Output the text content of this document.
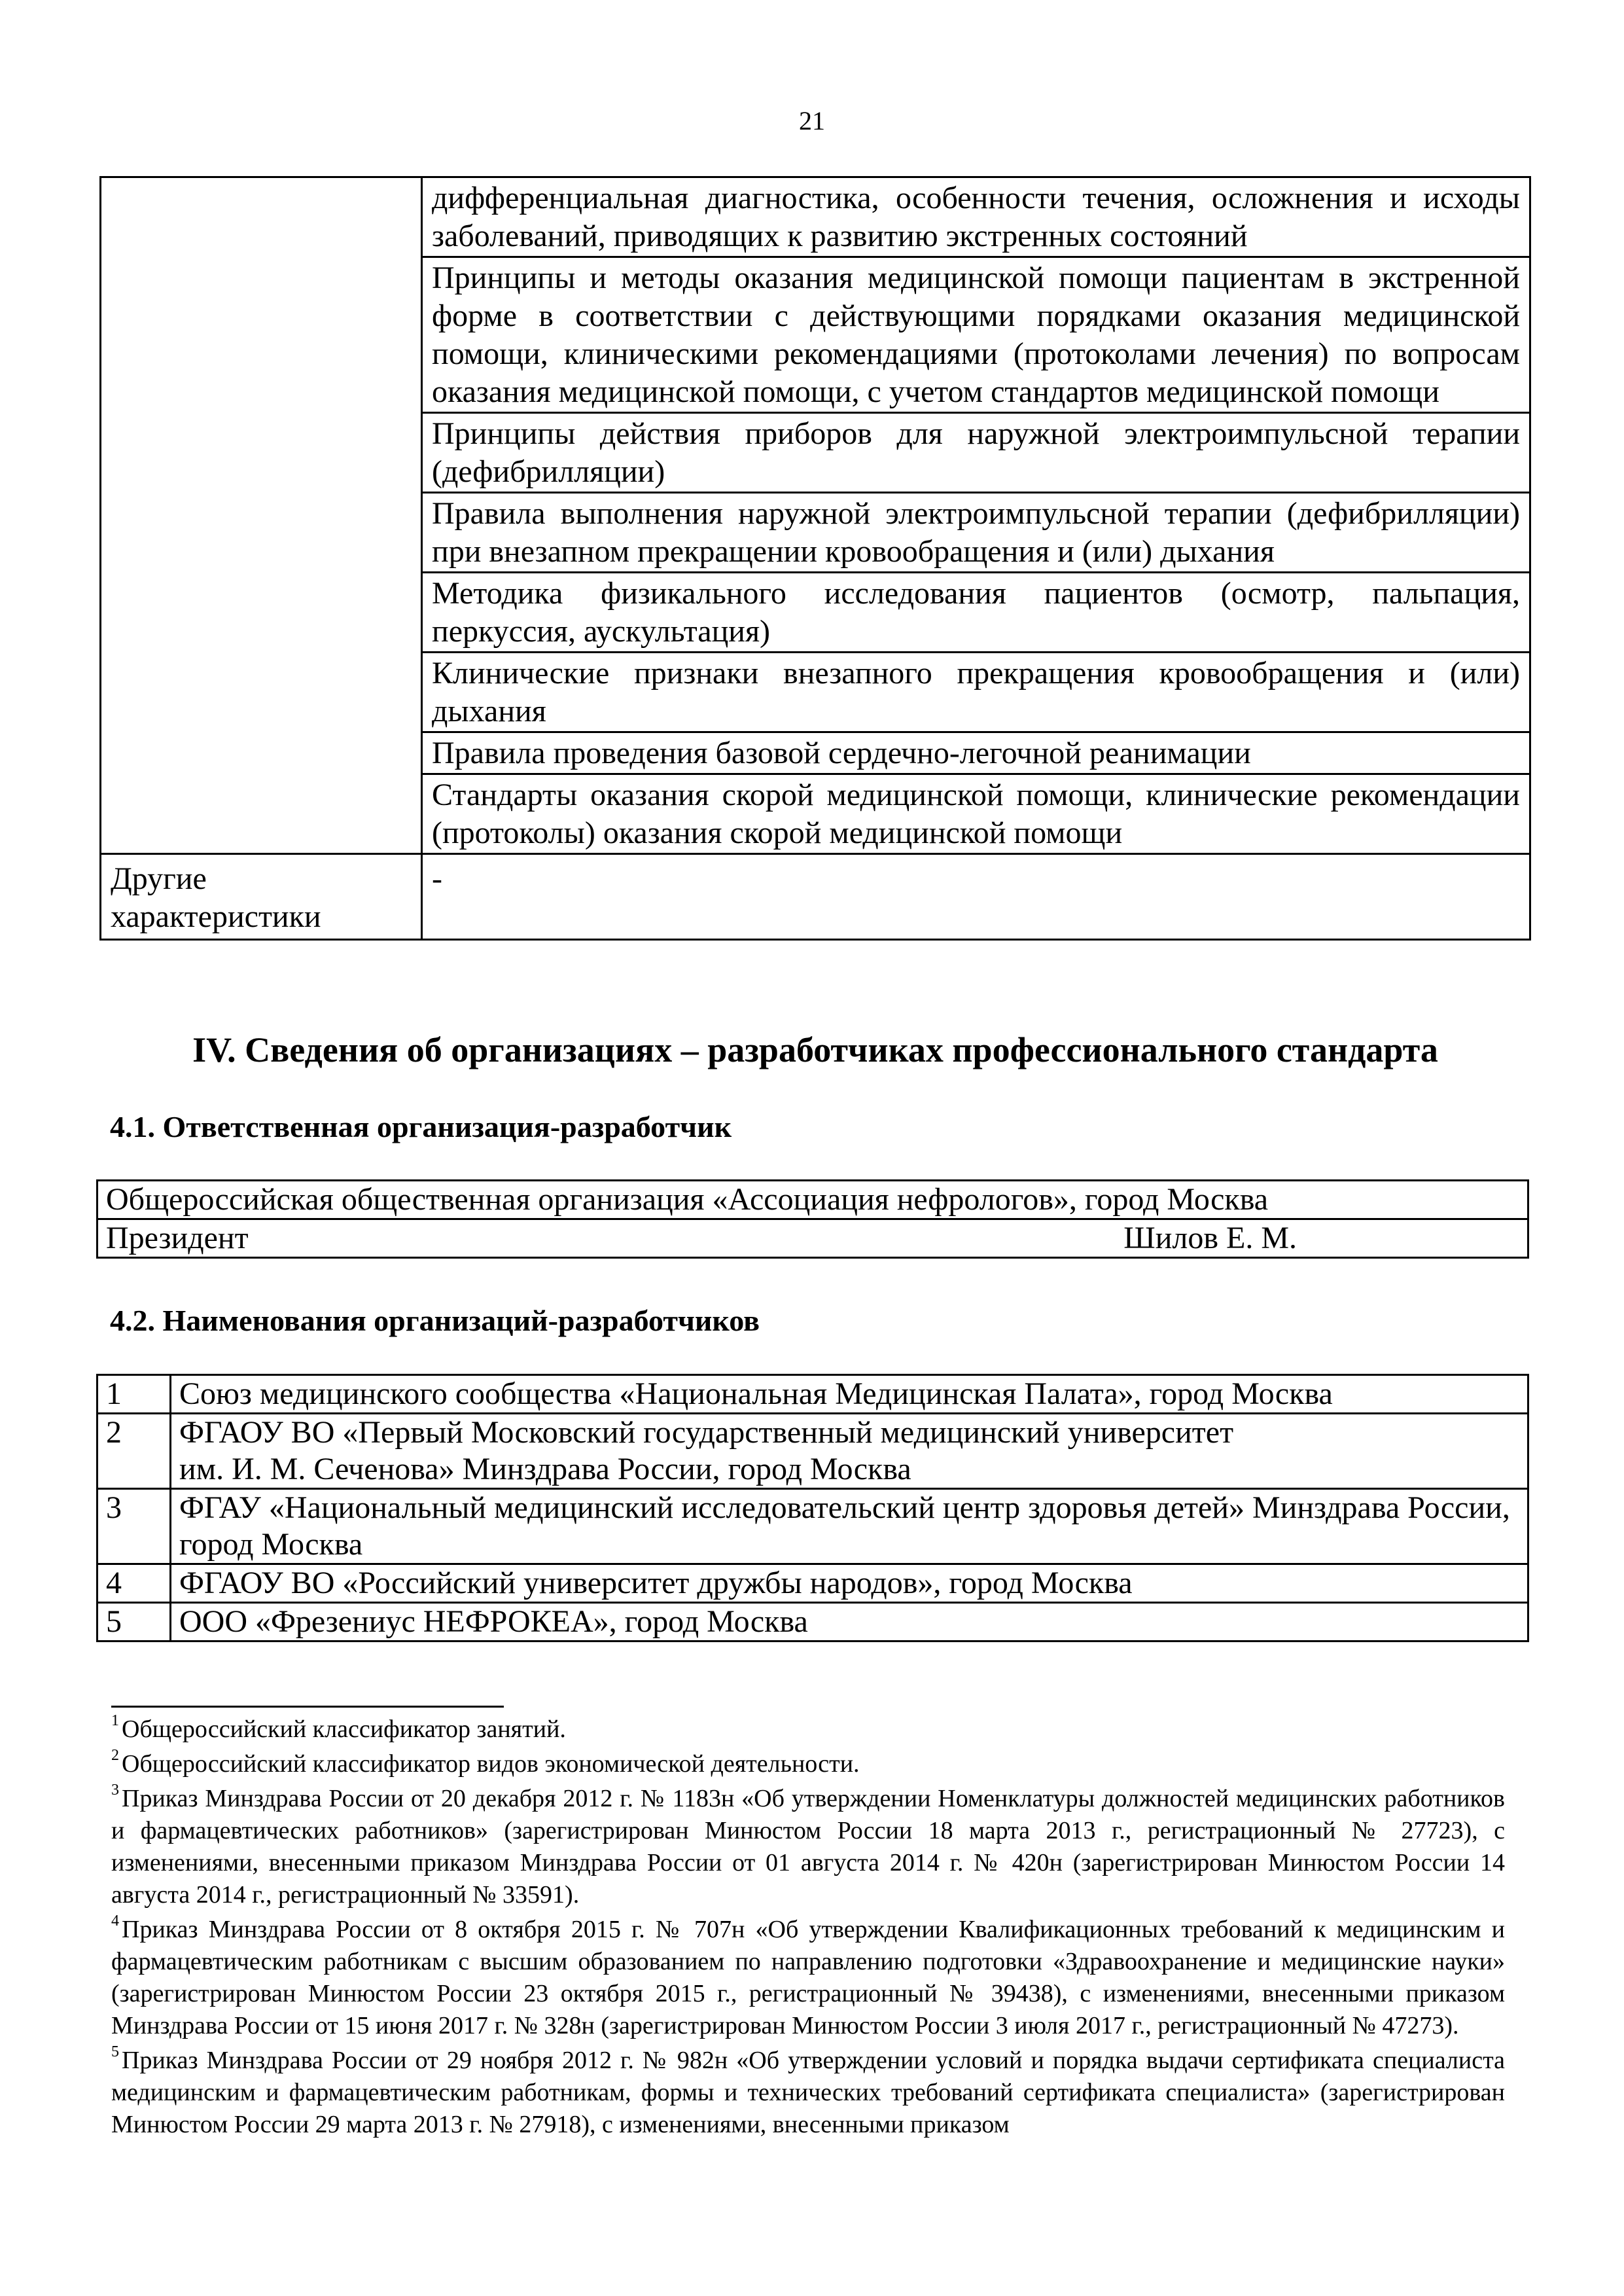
21
	дифференциальная диагностика, особенности течения, осложнения и исходы заболеваний, приводящих к развитию экстренных состояний
	Принципы и методы оказания медицинской помощи пациентам в экстренной форме в соответствии с действующими порядками оказания медицинской помощи, клиническими рекомендациями (протоколами лечения) по вопросам оказания медицинской помощи, с учетом стандартов медицинской помощи
	Принципы действия приборов для наружной электроимпульсной терапии (дефибрилляции)
	Правила выполнения наружной электроимпульсной терапии (дефибрилляции) при внезапном прекращении кровообращения и (или) дыхания
	Методика физикального исследования пациентов (осмотр, пальпация, перкуссия, аускультация)
	Клинические признаки внезапного прекращения кровообращения и (или) дыхания
	Правила проведения базовой сердечно-легочной реанимации
	Стандарты оказания скорой медицинской помощи, клинические рекомендации (протоколы) оказания скорой медицинской помощи
Другие характеристики	-
IV. Сведения об организациях – разработчиках профессионального стандарта
4.1. Ответственная организация-разработчик
Общероссийская общественная организация «Ассоциация нефрологов», город Москва

Президент	Шилов Е. М.
4.2. Наименования организаций-разработчиков
1	Союз медицинского сообщества «Национальная Медицинская Палата», город Москва
2	ФГАОУ ВО «Первый Московский государственный медицинский университет
им. И. М. Сеченова» Минздрава России, город Москва

3	ФГАУ «Национальный медицинский исследовательский центр здоровья детей» Минздрава России, город Москва
4	ФГАОУ ВО «Российский университет дружбы народов», город Москва
5	ООО «Фрезениус НЕФРОКЕА», город Москва

$^1$ Общероссийский классификатор занятий.

$^2$ Общероссийский классификатор видов экономической деятельности.

$^3$ Приказ Минздрава России от 20 декабря 2012 г. № 1183н «Об утверждении Номенклатуры должностей медицинских работников и фармацевтических работников» (зарегистрирован Минюстом России 18 марта 2013 г., регистрационный № 27723), с изменениями, внесенными приказом Минздрава России от 01 августа 2014 г. № 420н (зарегистрирован Минюстом России 14 августа 2014 г., регистрационный № 33591).

$^4$ Приказ Минздрава России от 8 октября 2015 г. № 707н «Об утверждении Квалификационных требований к медицинским и фармацевтическим работникам с высшим образованием по направлению подготовки «Здравоохранение и медицинские науки» (зарегистрирован Минюстом России 23 октября 2015 г., регистрационный № 39438), с изменениями, внесенными приказом Минздрава России от 15 июня 2017 г. № 328н (зарегистрирован Минюстом России 3 июля 2017 г., регистрационный № 47273).

$^5$ Приказ Минздрава России от 29 ноября 2012 г. № 982н «Об утверждении условий и порядка выдачи сертификата специалиста медицинским и фармацевтическим работникам, формы и технических требований сертификата специалиста» (зарегистрирован Минюстом России 29 марта 2013 г. № 27918), с изменениями, внесенными приказом
